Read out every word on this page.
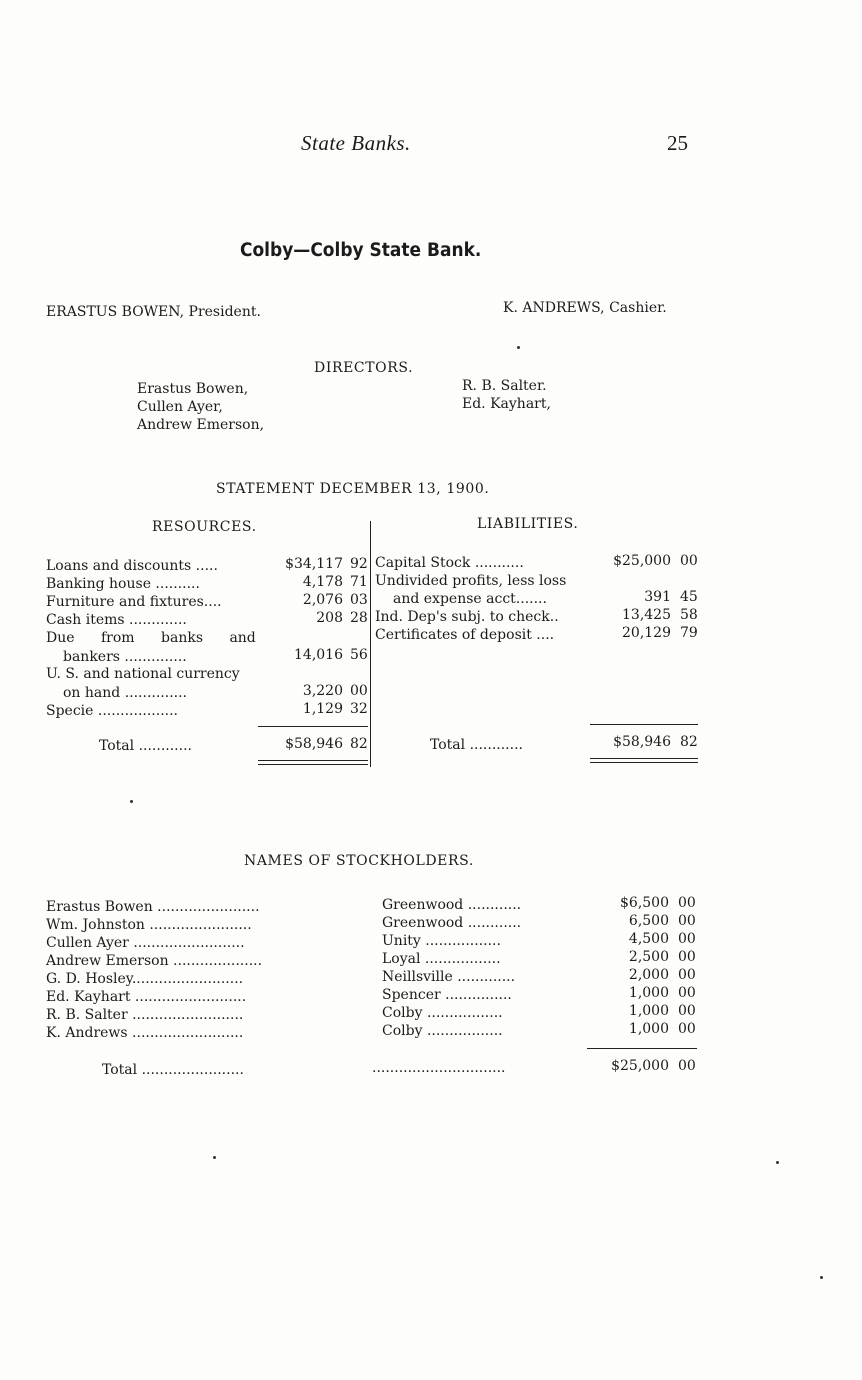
State Banks.	25
Colby—Colby State Bank.
ERASTUS BOWEN, President.	K. ANDREWS, Cashier.
DIRECTORS.
Erastus Bowen,
Cullen Ayer,
Andrew Emerson,
R. B. Salter.
Ed. Kayhart,
STATEMENT DECEMBER 13, 1900.
RESOURCES.	LIABILITIES.
Loans and discounts .....	$34,117 92
Banking house ..........	4,178 71
Furniture and fixtures....	2,076 03
Cash items .............	208 28
Due from banks and
bankers ..............	14,016 56
U. S. and national currency
on hand ..............	3,220 00
Specie ..................	1,129 32
Total ............	$58,946 82
Capital Stock ...........	$25,000 00
Undivided profits, less loss
and expense acct.......	391 45
Ind. Dep's subj. to check..	13,425 58
Certificates of deposit ....	20,129 79
Total ............	$58,946 82
NAMES OF STOCKHOLDERS.
Erastus Bowen .......................	Greenwood ............	$6,500 00
Wm. Johnston .......................	Greenwood ............	6,500 00
Cullen Ayer .........................	Unity .................	4,500 00
Andrew Emerson ....................	Loyal .................	2,500 00
G. D. Hosley.........................	Neillsville .............	2,000 00
Ed. Kayhart .........................	Spencer ...............	1,000 00
R. B. Salter .........................	Colby .................	1,000 00
K. Andrews .........................	Colby .................	1,000 00
Total .......................	..............................	$25,000 00
